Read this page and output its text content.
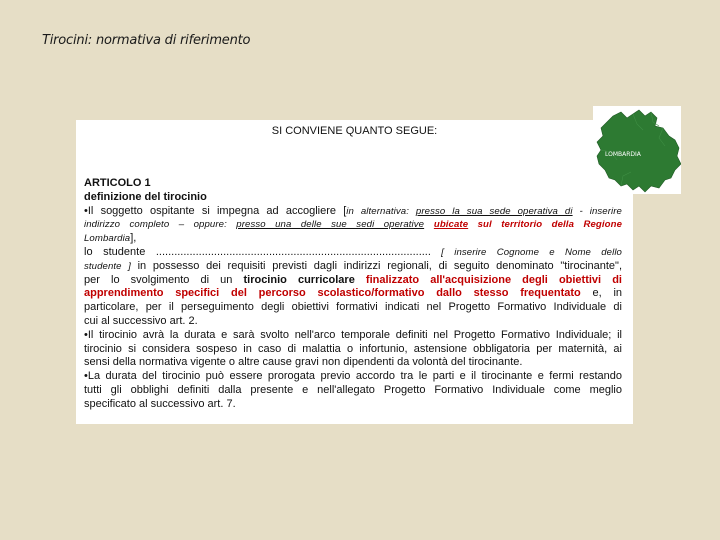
Tirocini: normativa di riferimento
SI CONVIENE QUANTO SEGUE:

ARTICOLO 1

definizione del tirocinio

•Il soggetto ospitante si impegna ad accogliere [in alternativa: presso la sua sede operativa di - inserire

indirizzo completo – oppure: presso una delle sue sedi operative ubicate sul territorio della Regione

Lombardia],

lo studente .......................................................................................... [ inserire Cognome e Nome dello

studente ] in possesso dei requisiti previsti dagli indirizzi regionali, di seguito denominato "tirocinante",

per lo svolgimento di un tirocinio curricolare finalizzato all'acquisizione degli obiettivi di

apprendimento specifici del percorso scolastico/formativo dallo stesso frequentato e, in

particolare, per il perseguimento degli obiettivi formativi indicati nel Progetto Formativo Individuale di

cui al successivo art. 2.

•Il tirocinio avrà la durata e sarà svolto nell'arco temporale definiti nel Progetto Formativo Individuale; il

tirocinio si considera sospeso in caso di malattia o infortunio, astensione obbligatoria per maternità, ai

sensi della normativa vigente o altre cause gravi non dipendenti da volontà del tirocinante.

•La durata del tirocinio può essere prorogata previo accordo tra le parti e il tirocinante e fermi restando

tutti gli obblighi definiti dalla presente e nell'allegato Progetto Formativo Individuale come meglio

specificato al successivo art. 7.

LOMBARDIA
